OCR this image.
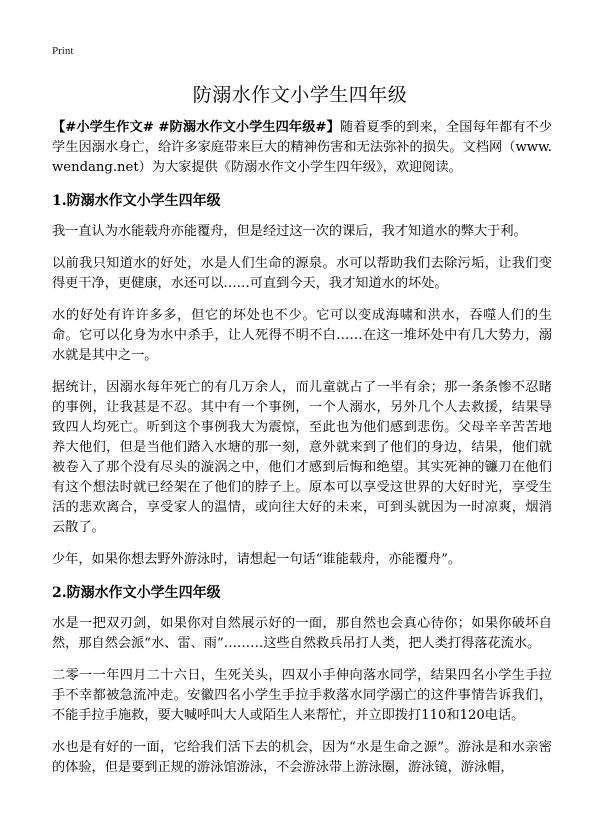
Print
防溺水作文小学生四年级

【#小学生作文# #防溺水作文小学生四年级#】随着夏季的到来，全国每年都有不少学生因溺水身亡，给许多家庭带来巨大的精神伤害和无法弥补的损失。文档网（www.wendang.net）为大家提供《防溺水作文小学生四年级》，欢迎阅读。

1.防溺水作文小学生四年级

我一直认为水能载舟亦能覆舟，但是经过这一次的课后，我才知道水的弊大于利。

以前我只知道水的好处，水是人们生命的源泉。水可以帮助我们去除污垢，让我们变得更干净，更健康，水还可以……可直到今天，我才知道水的坏处。

水的好处有许许多多，但它的坏处也不少。它可以变成海啸和洪水，吞噬人们的生命。它可以化身为水中杀手，让人死得不明不白……在这一堆坏处中有几大势力，溺水就是其中之一。

据统计，因溺水每年死亡的有几万余人，而儿童就占了一半有余；那一条条惨不忍睹的事例，让我甚是不忍。其中有一个事例，一个人溺水，另外几个人去救援，结果导致四人均死亡。听到这个事例我大为震惊，至此也为他们感到悲伤。父母辛辛苦苦地养大他们，但是当他们踏入水塘的那一刻，意外就来到了他们的身边，结果，他们就被卷入了那个没有尽头的漩涡之中，他们才感到后悔和绝望。其实死神的镰刀在他们有这个想法时就已经架在了他们的脖子上。原本可以享受这世界的大好时光，享受生活的悲欢离合，享受家人的温情，或向往大好的未来，可到头就因为一时凉爽，烟消云散了。

少年，如果你想去野外游泳时，请想起一句话“谁能载舟，亦能覆舟”。

2.防溺水作文小学生四年级

水是一把双刃剑，如果你对自然展示好的一面，那自然也会真心待你；如果你破坏自然，那自然会派“水、雷、雨”………这些自然救兵吊打人类，把人类打得落花流水。

二零一一年四月二十六日，生死关头，四双小手伸向落水同学，结果四名小学生手拉手不幸都被急流冲走。安徽四名小学生手拉手救落水同学溺亡的这件事情告诉我们，不能手拉手施救，要大喊呼叫大人或陌生人来帮忙，并立即拨打110和120电话。

水也是有好的一面，它给我们活下去的机会，因为“水是生命之源”。游泳是和水亲密的体验，但是要到正规的游泳馆游泳，不会游泳带上游泳圈，游泳镜，游泳帽，
